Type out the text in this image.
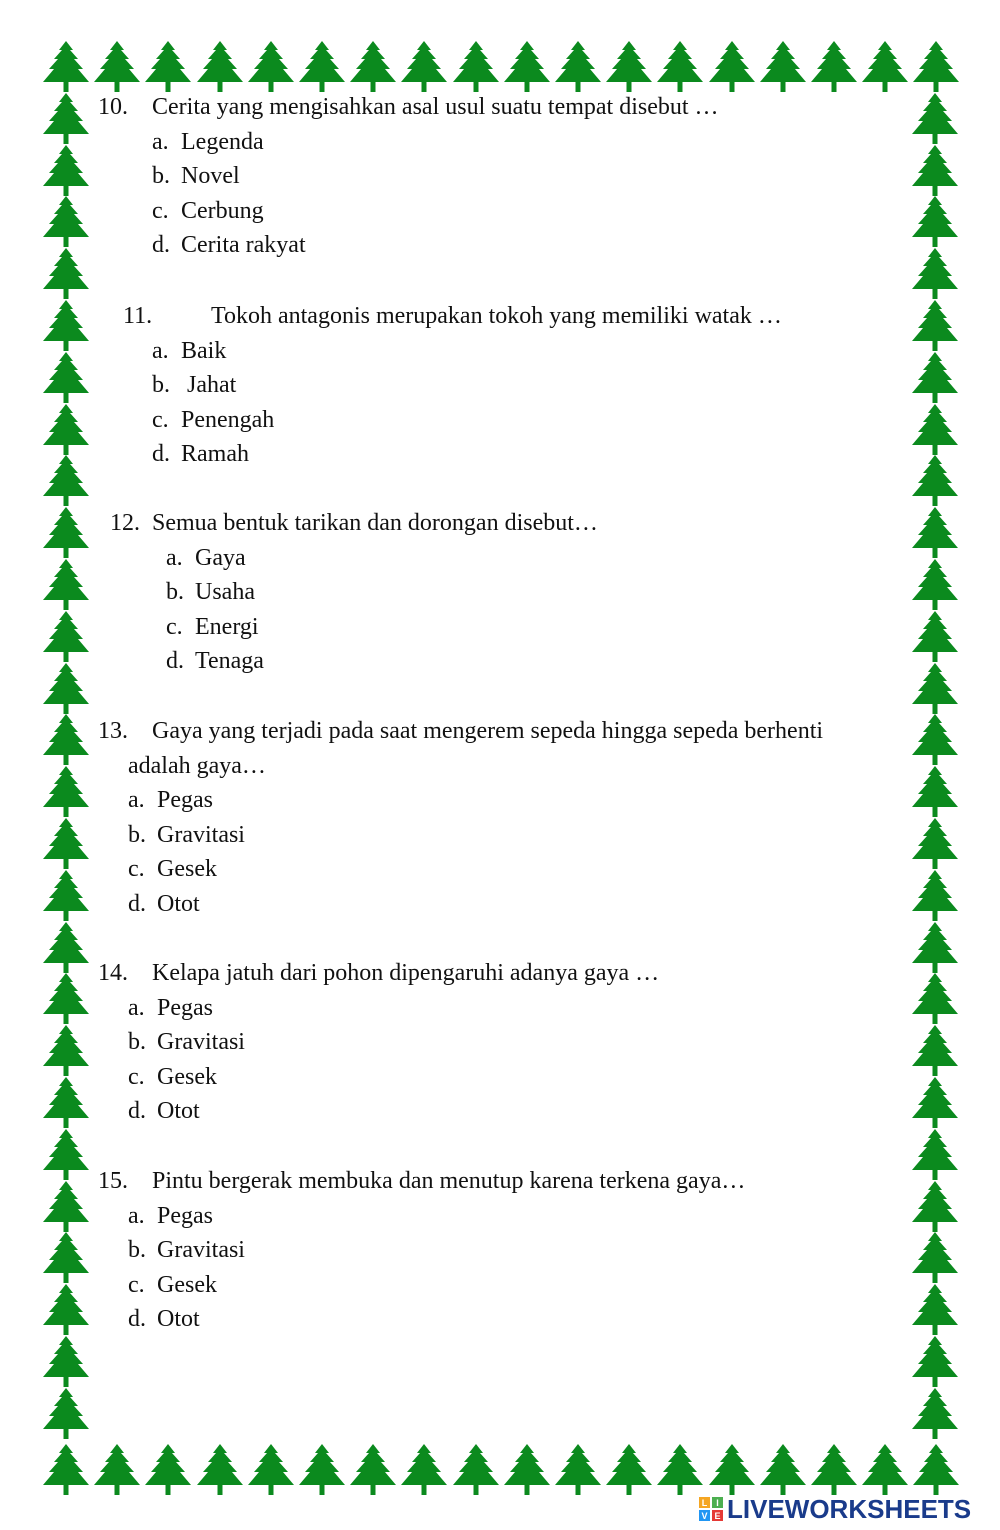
10. Cerita yang mengisahkan asal usul suatu tempat disebut …
a. Legenda
b. Novel
c. Cerbung
d. Cerita rakyat
11. Tokoh antagonis merupakan tokoh yang memiliki watak …
a. Baik
b. Jahat
c. Penengah
d. Ramah
12. Semua bentuk tarikan dan dorongan disebut…
a. Gaya
b. Usaha
c. Energi
d. Tenaga
13. Gaya yang terjadi pada saat mengerem sepeda hingga sepeda berhenti
adalah gaya…
a. Pegas
b. Gravitasi
c. Gesek
d. Otot
14. Kelapa jatuh dari pohon dipengaruhi adanya gaya …
a. Pegas
b. Gravitasi
c. Gesek
d. Otot
15. Pintu bergerak membuka dan menutup karena terkena gaya…
a. Pegas
b. Gravitasi
c. Gesek
d. Otot
L I
V E LIVEWORKSHEETS
